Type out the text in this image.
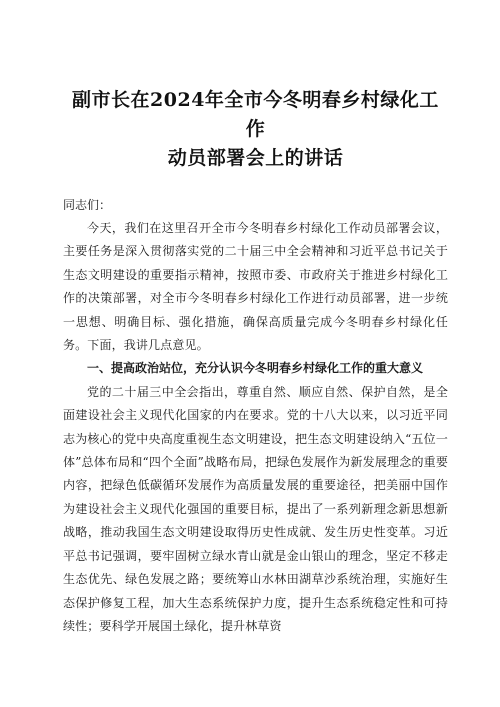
副市长在2024年全市今冬明春乡村绿化工作
动员部署会上的讲话

同志们：

今天，我们在这里召开全市今冬明春乡村绿化工作动员部署会议，主要任务是深入贯彻落实党的二十届三中全会精神和习近平总书记关于生态文明建设的重要指示精神，按照市委、市政府关于推进乡村绿化工作的决策部署，对全市今冬明春乡村绿化工作进行动员部署，进一步统一思想、明确目标、强化措施，确保高质量完成今冬明春乡村绿化任务。下面，我讲几点意见。

一、提高政治站位，充分认识今冬明春乡村绿化工作的重大意义

党的二十届三中全会指出，尊重自然、顺应自然、保护自然，是全面建设社会主义现代化国家的内在要求。党的十八大以来，以习近平同志为核心的党中央高度重视生态文明建设，把生态文明建设纳入“五位一体”总体布局和“四个全面”战略布局，把绿色发展作为新发展理念的重要内容，把绿色低碳循环发展作为高质量发展的重要途径，把美丽中国作为建设社会主义现代化强国的重要目标，提出了一系列新理念新思想新战略，推动我国生态文明建设取得历史性成就、发生历史性变革。习近平总书记强调，要牢固树立绿水青山就是金山银山的理念，坚定不移走生态优先、绿色发展之路；要统筹山水林田湖草沙系统治理，实施好生态保护修复工程，加大生态系统保护力度，提升生态系统稳定性和可持续性；要科学开展国土绿化，提升林草资
